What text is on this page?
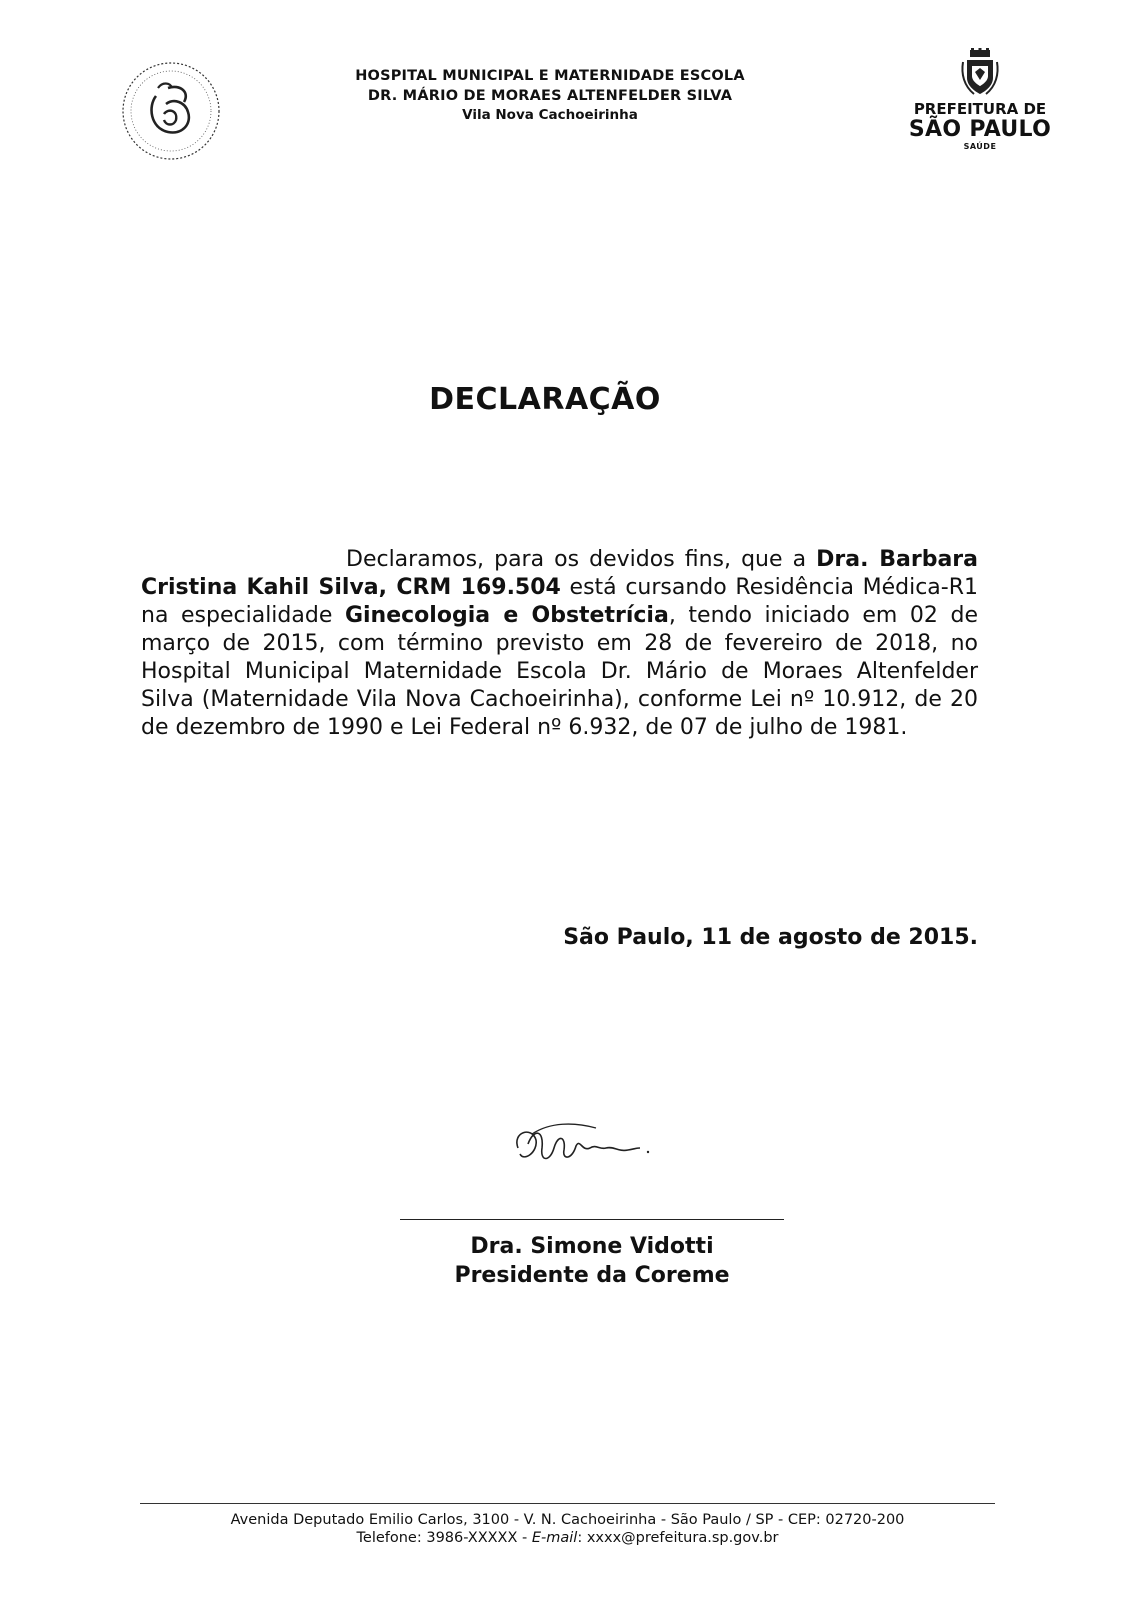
HOSPITAL MUNICIPAL E MATERNIDADE ESCOLA
DR. MÁRIO DE MORAES ALTENFELDER SILVA
Vila Nova Cachoeirinha	PREFEITURA DE
SÃO PAULO
SAÚDE
DECLARAÇÃO
Declaramos, para os devidos fins, que a Dra. Barbara Cristina Kahil Silva, CRM 169.504 está cursando Residência Médica-R1 na especialidade Ginecologia e Obstetrícia, tendo iniciado em 02 de março de 2015, com término previsto em 28 de fevereiro de 2018, no Hospital Municipal Maternidade Escola Dr. Mário de Moraes Altenfelder Silva (Maternidade Vila Nova Cachoeirinha), conforme Lei nº 10.912, de 20 de dezembro de 1990 e Lei Federal nº 6.932, de 07 de julho de 1981.
São Paulo, 11 de agosto de 2015.
Dra. Simone Vidotti
Presidente da Coreme
Avenida Deputado Emilio Carlos, 3100 - V. N. Cachoeirinha - São Paulo / SP - CEP: 02720-200
Telefone: 3986-XXXXX - E-mail: xxxx@prefeitura.sp.gov.br
